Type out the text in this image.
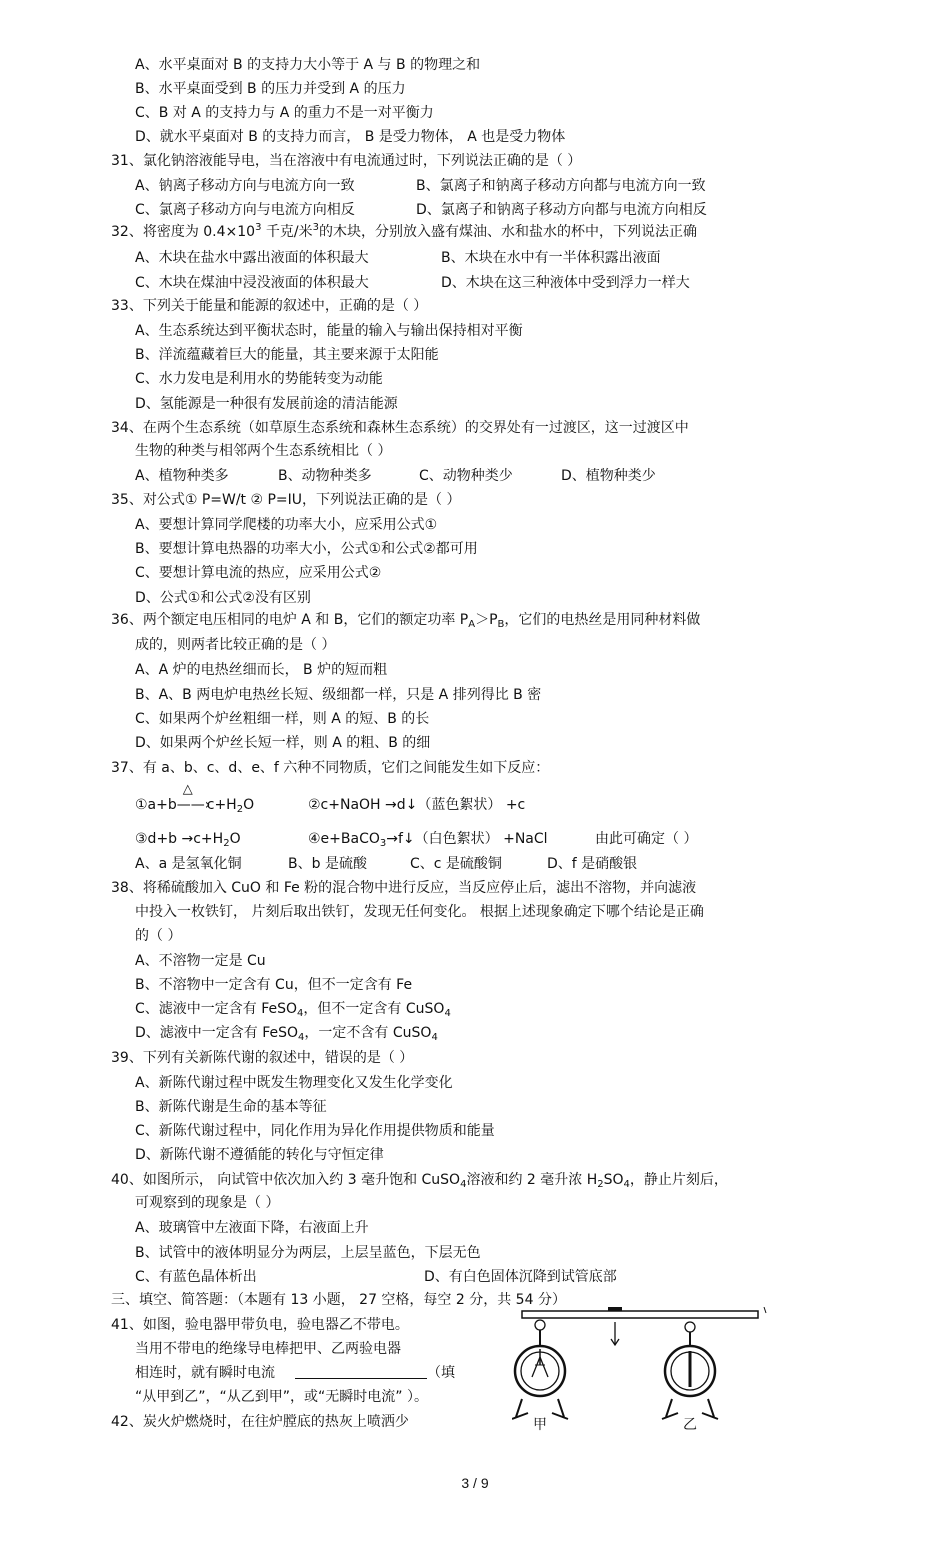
A、水平桌面对 B 的支持力大小等于 A 与 B 的物理之和
B、水平桌面受到 B 的压力并受到 A 的压力
C、B 对 A 的支持力与 A 的重力不是一对平衡力
D、就水平桌面对 B 的支持力而言， B 是受力物体， A 也是受力物体
31、氯化钠溶液能导电，当在溶液中有电流通过时，下列说法正确的是（ ）
A、钠离子移动方向与电流方向一致	B、氯离子和钠离子移动方向都与电流方向一致
C、氯离子移动方向与电流方向相反	D、氯离子和钠离子移动方向都与电流方向相反
32、将密度为 $0.4\times 10^3$ 千克/米$^3$的木块，分别放入盛有煤油、水和盐水的杯中，下列说法正确
A、木块在盐水中露出液面的体积最大	B、木块在水中有一半体积露出液面
C、木块在煤油中浸没液面的体积最大	D、木块在这三种液体中受到浮力一样大
33、下列关于能量和能源的叙述中，正确的是（ ）
A、生态系统达到平衡状态时，能量的输入与输出保持相对平衡
B、洋流蕴藏着巨大的能量，其主要来源于太阳能
C、水力发电是利用水的势能转变为动能
D、氢能源是一种很有发展前途的清洁能源
34、在两个生态系统（如草原生态系统和森林生态系统）的交界处有一过渡区，这一过渡区中
生物的种类与相邻两个生态系统相比（ ）
A、植物种类多	B、动物种类多	C、动物种类少	D、植物种类少
35、对公式① P=W/t ② P=IU，下列说法正确的是（ ）
A、要想计算同学爬楼的功率大小，应采用公式①
B、要想计算电热器的功率大小，公式①和公式②都可用
C、要想计算电流的热应，应采用公式②
D、公式①和公式②没有区别
36、两个额定电压相同的电炉 A 和 B，它们的额定功率 $P_A>P_B$，它们的电热丝是用同种材料做
成的，则两者比较正确的是（ ）
A、A 炉的电热丝细而长， B 炉的短而粗
B、A、B 两电炉电热丝长短、级细都一样，只是 A 排列得比 B 密
C、如果两个炉丝粗细一样，则 A 的短、B 的长
D、如果两个炉丝长短一样，则 A 的粗、B 的细
37、有 a、b、c、d、e、f 六种不同物质，它们之间能发生如下反应：
①a+b
△
$——›c+H_2O$	②c+NaOH →d↓（蓝色絮状） +c
③d+b $\to c+H_2O$	④e+BaCO$_3$→f↓（白色絮状） +NaCl	由此可确定（ ）
A、a 是氢氧化铜	B、b 是硫酸	C、c 是硫酸铜	D、f 是硝酸银
38、将稀硫酸加入 CuO 和 Fe 粉的混合物中进行反应，当反应停止后，滤出不溶物，并向滤液
中投入一枚铁钉， 片刻后取出铁钉，发现无任何变化。 根据上述现象确定下哪个结论是正确
的（ ）
A、不溶物一定是 Cu
B、不溶物中一定含有 Cu，但不一定含有 Fe
C、滤液中一定含有 FeSO$_4$，但不一定含有 CuSO$_4$
D、滤液中一定含有 FeSO$_4$，一定不含有 CuSO$_4$
39、下列有关新陈代谢的叙述中，错误的是（ ）
A、新陈代谢过程中既发生物理变化又发生化学变化
B、新陈代谢是生命的基本等征
C、新陈代谢过程中，同化作用为异化作用提供物质和能量
D、新陈代谢不遵循能的转化与守恒定律
40、如图所示， 向试管中依次加入约 3 毫升饱和 CuSO$_4$溶液和约 2 毫升浓 $H_2SO_4$，静止片刻后，
可观察到的现象是（ ）
A、玻璃管中左液面下降，右液面上升
B、试管中的液体明显分为两层，上层呈蓝色，下层无色
C、有蓝色晶体析出	D、有白色固体沉降到试管底部
三、填空、简答题：（本题有 13 小题， 27 空格，每空 2 分，共 54 分）
41、如图，验电器甲带负电，验电器乙不带电。
当用不带电的绝缘导电棒把甲、乙两验电器
相连时，就有瞬时电流	（填
“从甲到乙”，“从乙到甲”，或“无瞬时电流” ）。
42、炭火炉燃烧时，在往炉膛底的热灰上喷洒少	甲	乙
3 / 9
